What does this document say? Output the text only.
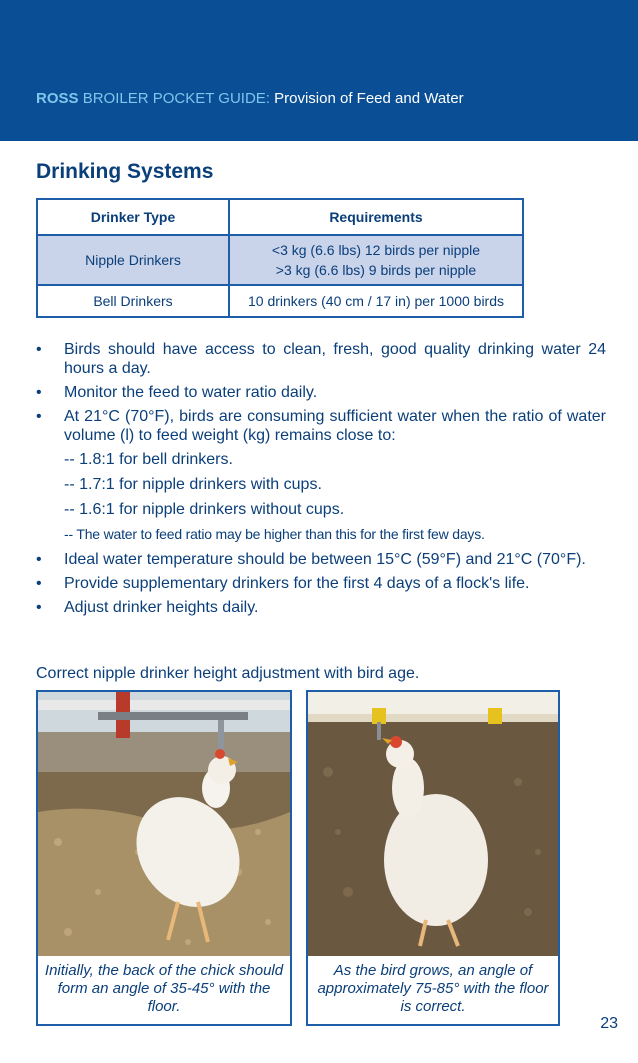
ROSS BROILER POCKET GUIDE: Provision of Feed and Water
Drinking Systems
Drinker Type	Requirements
Nipple Drinkers	<3 kg (6.6 lbs) 12 birds per nipple
>3 kg (6.6 lbs) 9 birds per nipple

Bell Drinkers	10 drinkers (40 cm / 17 in) per 1000 birds
• Birds should have access to clean, fresh, good quality drinking water 24 hours a day.
• Monitor the feed to water ratio daily.
• At 21°C (70°F), birds are consuming sufficient water when the ratio of water volume (l) to feed weight (kg) remains close to:
-- 1.8:1 for bell drinkers.
-- 1.7:1 for nipple drinkers with cups.
-- 1.6:1 for nipple drinkers without cups.
-- The water to feed ratio may be higher than this for the first few days.
• Ideal water temperature should be between 15°C (59°F) and 21°C (70°F).
• Provide supplementary drinkers for the first 4 days of a flock's life.
• Adjust drinker heights daily.
Correct nipple drinker height adjustment with bird age.
Initially, the back of the chick should form an angle of 35-45° with the floor.
As the bird grows, an angle of approximately 75-85° with the floor is correct.
23
